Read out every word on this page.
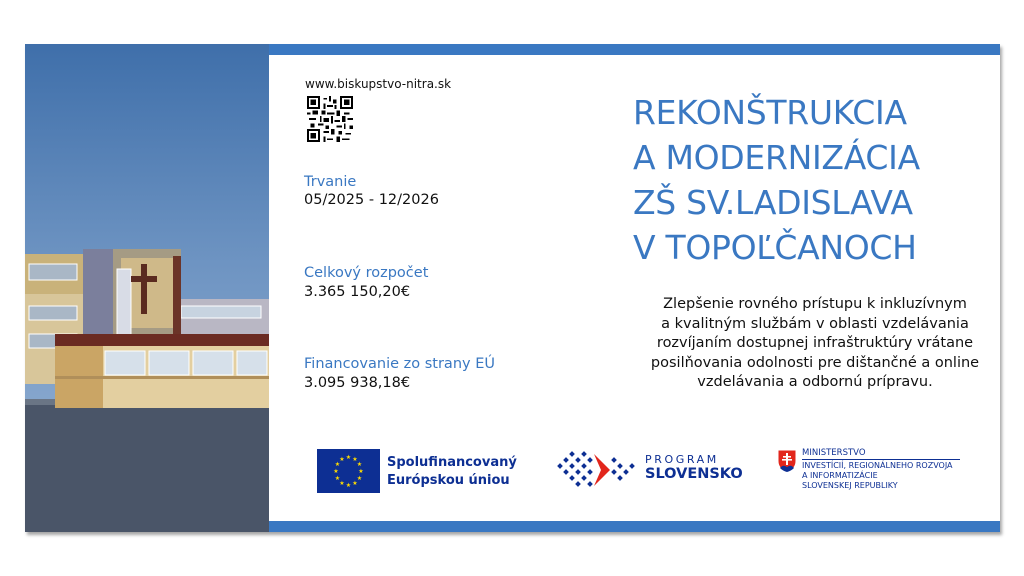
www.biskupstvo-nitra.sk
Trvanie
05/2025 - 12/2026
Celkový rozpočet
3.365 150,20€
Financovanie zo strany EÚ
3.095 938,18€
REKONŠTRUKCIA
A MODERNIZÁCIA
ZŠ SV.LADISLAVA
V TOPOĽČANOCH
Zlepšenie rovného prístupu k inkluzívnym
a kvalitným službám v oblasti vzdelávania
rozvíjaním dostupnej infraštruktúry vrátane
posilňovania odolnosti pre dištančné a online
vzdelávania a odbornú prípravu.
★ ★
★
★
★
★
★
★
★
★
★
★	Spolufinancovaný
Európskou úniou
PROGRAM
SLOVENSKO
MINISTERSTVO
INVESTÍCIÍ, REGIONÁLNEHO ROZVOJA
A INFORMATIZÁCIE
SLOVENSKEJ REPUBLIKY
